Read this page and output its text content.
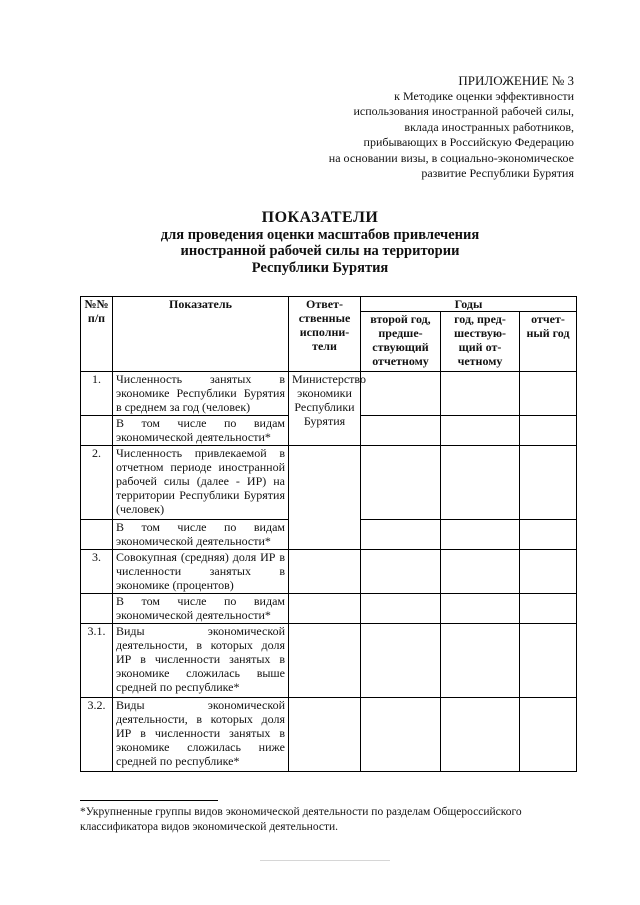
ПРИЛОЖЕНИЕ № 3
к Методике оценки эффективности
использования иностранной рабочей силы,
вклада иностранных работников,
прибывающих в Российскую Федерацию
на основании визы, в социально-экономическое
развитие Республики Бурятия
ПОКАЗАТЕЛИ
для проведения оценки масштабов привлечения
иностранной рабочей силы на территории
Республики Бурятия
№№ п/п	Показатель	Ответ-ственные исполни-тели	Годы		
			второй год, предше-ствующий отчетному	год, пред-шествую-щий от-четному	отчет-ный год
1.	Численность занятых в экономике Республики Бурятия в среднем за год (человек)	Министерство экономики Республики Бурятия			
	В том числе по видам экономической деятельности*				
2.	Численность привлекаемой в отчетном периоде иностранной рабочей силы (далее - ИР) на территории Республики Бурятия (человек)				
	В том числе по видам экономической деятельности*				
3.	Совокупная (средняя) доля ИР в численности занятых в экономике (процентов)				
	В том числе по видам экономической деятельности*				
3.1.	Виды экономической деятельности, в которых доля ИР в численности занятых в экономике сложилась выше средней по республике*				
3.2.	Виды экономической деятельности, в которых доля ИР в численности занятых в экономике сложилась ниже средней по республике*				
*Укрупненные группы видов экономической деятельности по разделам Общероссийского классификатора видов экономической деятельности.
